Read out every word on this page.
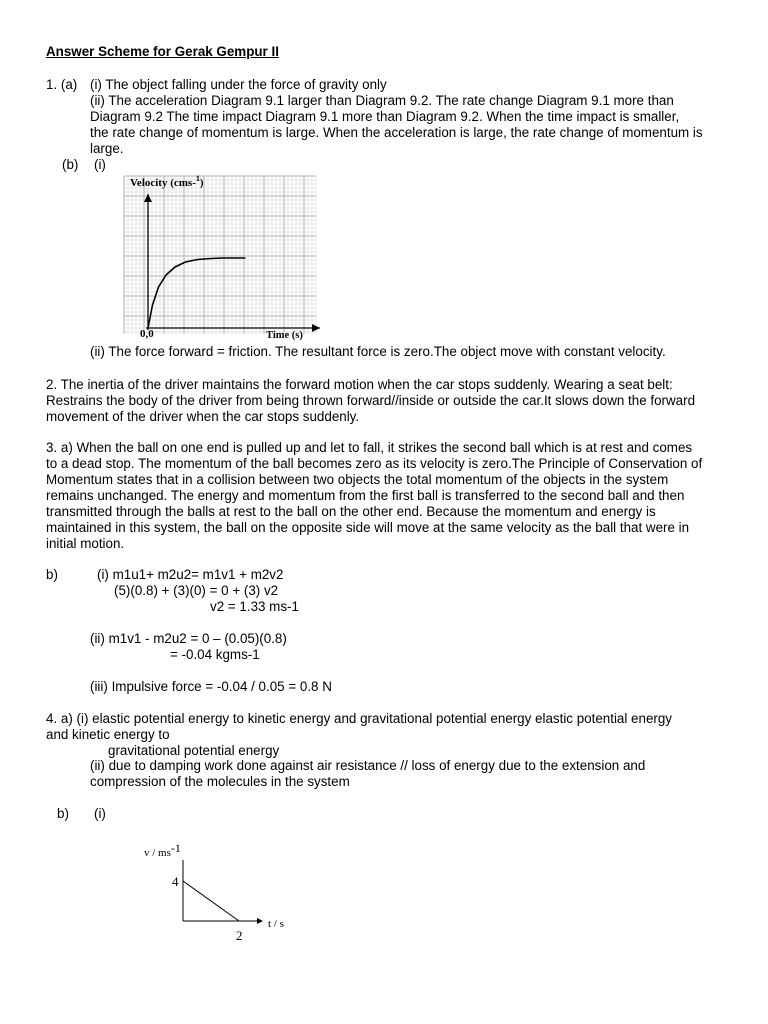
Answer Scheme for Gerak Gempur II
1. (a) (i) The object falling under the force of gravity only
(ii) The acceleration Diagram 9.1 larger than Diagram 9.2. The rate change Diagram 9.1 more than
Diagram 9.2 The time impact Diagram 9.1 more than Diagram 9.2. When the time impact is smaller,
the rate change of momentum is large. When the acceleration is large, the rate change of momentum is
large.
(b) (i)
Velocity (cms-$^1$)
0,0	Time (s)
(ii) The force forward = friction. The resultant force is zero.The object move with constant velocity.
2. The inertia of the driver maintains the forward motion when the car stops suddenly. Wearing a seat belt:
Restrains the body of the driver from being thrown forward//inside or outside the car.It slows down the forward
movement of the driver when the car stops suddenly.
3. a) When the ball on one end is pulled up and let to fall, it strikes the second ball which is at rest and comes
to a dead stop. The momentum of the ball becomes zero as its velocity is zero.The Principle of Conservation of
Momentum states that in a collision between two objects the total momentum of the objects in the system
remains unchanged. The energy and momentum from the first ball is transferred to the second ball and then
transmitted through the balls at rest to the ball on the other end. Because the momentum and energy is
maintained in this system, the ball on the opposite side will move at the same velocity as the ball that were in
initial motion.
b)	(i) m1u1+ m2u2= m1v1 + m2v2
(5)(0.8) + (3)(0) = 0 + (3) v2
v2 = 1.33 ms-1
(ii) m1v1 - m2u2 = 0 – (0.05)(0.8)
= -0.04 kgms-1
(iii) Impulsive force = -0.04 / 0.05 = 0.8 N
4. a) (i) elastic potential energy to kinetic energy and gravitational potential energy elastic potential energy
and kinetic energy to
gravitational potential energy
(ii) due to damping work done against air resistance // loss of energy due to the extension and
compression of the molecules in the system
b) (i)
v / ms-1
4
2
t / s
